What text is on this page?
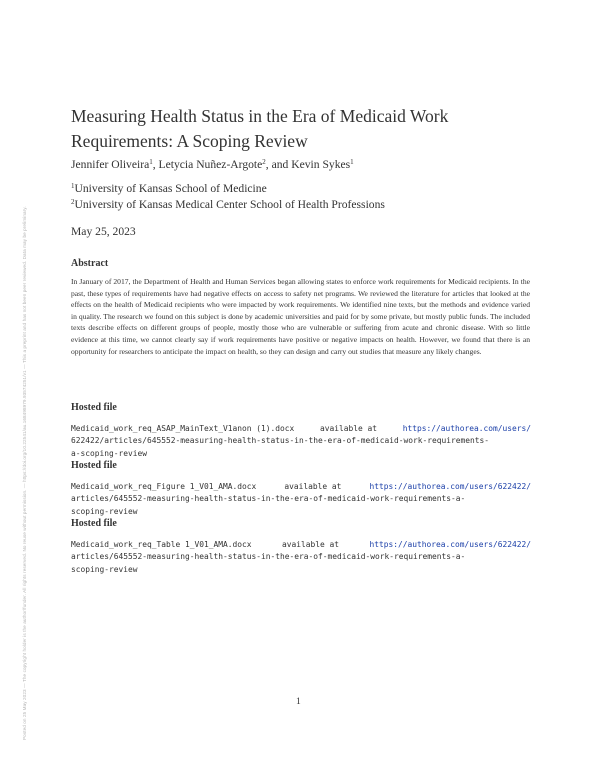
Posted on 25 May 2023 — The copyright holder is the author/funder. All rights reserved. No reuse without permission. — https://doi.org/10.22541/au.168498979.93574251/v1 — This a preprint and has not been peer reviewed. Data may be preliminary.
Measuring Health Status in the Era of Medicaid Work Requirements: A Scoping Review
Jennifer Oliveira$^1$, Letycia Nuñez-Argote$^2$, and Kevin Sykes$^1$
$^1$University of Kansas School of Medicine
$^2$University of Kansas Medical Center School of Health Professions
May 25, 2023
Abstract
In January of 2017, the Department of Health and Human Services began allowing states to enforce work requirements for Medicaid recipients. In the past, these types of requirements have had negative effects on access to safety net programs. We reviewed the literature for articles that looked at the effects on the health of Medicaid recipients who were impacted by work requirements. We identified nine texts, but the methods and evidence varied in quality. The research we found on this subject is done by academic universities and paid for by some private, but mostly public funds. The included texts describe effects on different groups of people, mostly those who are vulnerable or suffering from acute and chronic disease. With so little evidence at this time, we cannot clearly say if work requirements have positive or negative impacts on health. However, we found that there is an opportunity for researchers to anticipate the impact on health, so they can design and carry out studies that measure any likely changes.
Hosted file
Medicaid_work_req_ASAP_MainText_V1anon (1).docx	available at	https://authorea.com/users/
622422/articles/645552-measuring-health-status-in-the-era-of-medicaid-work-requirements-
a-scoping-review
Hosted file
Medicaid_work_req_Figure 1_V01_AMA.docx	available at	https://authorea.com/users/622422/
articles/645552-measuring-health-status-in-the-era-of-medicaid-work-requirements-a-
scoping-review
Hosted file
Medicaid_work_req_Table 1_V01_AMA.docx	available at	https://authorea.com/users/622422/
articles/645552-measuring-health-status-in-the-era-of-medicaid-work-requirements-a-
scoping-review
1
